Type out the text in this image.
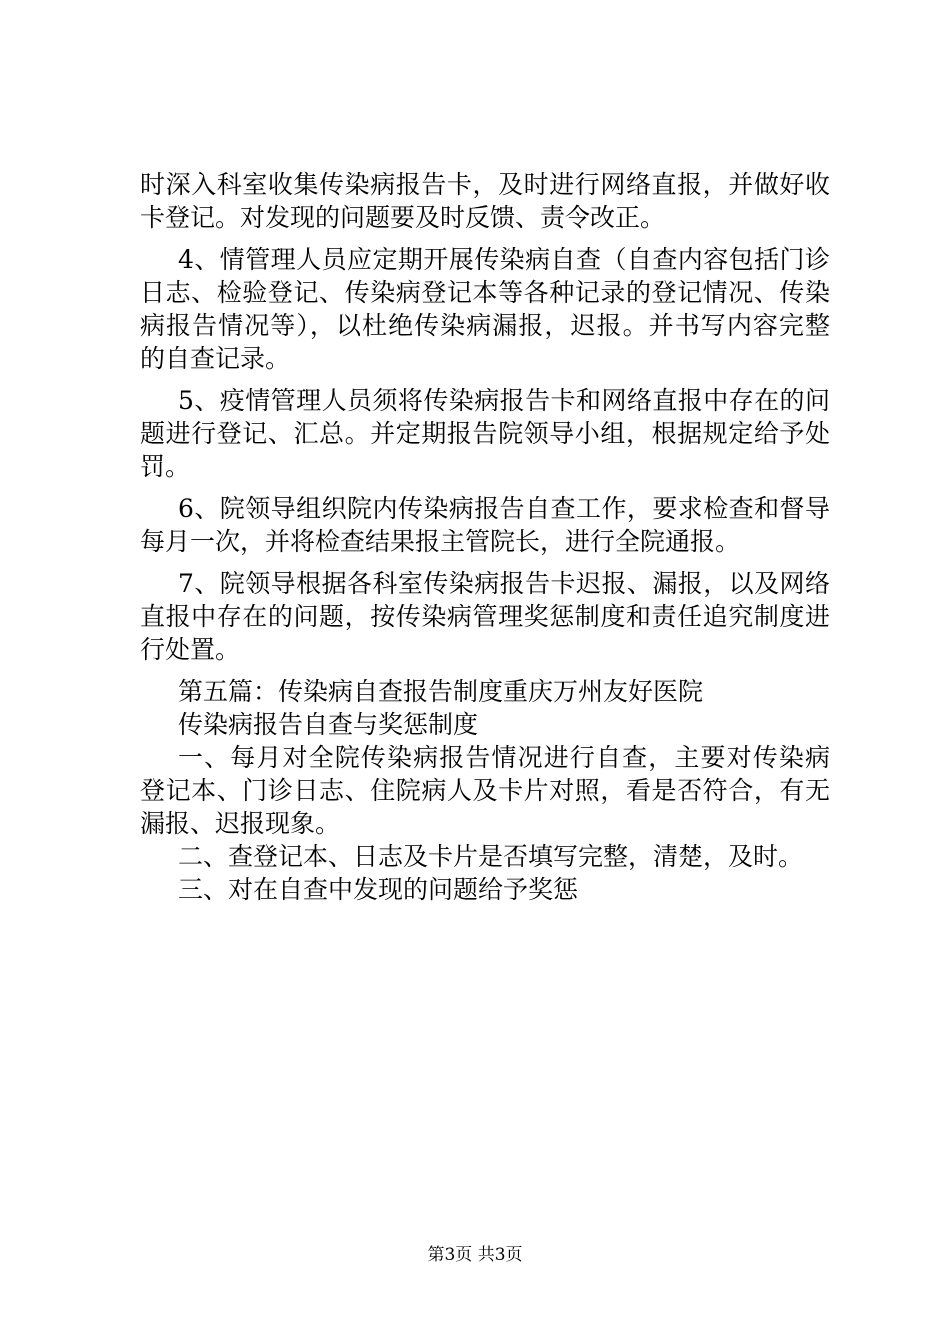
时深入科室收集传染病报告卡，及时进行网络直报，并做好收
卡登记。对发现的问题要及时反馈、责令改正。
4、情管理人员应定期开展传染病自查（自查内容包括门诊
日志、检验登记、传染病登记本等各种记录的登记情况、传染
病报告情况等），以杜绝传染病漏报，迟报。并书写内容完整
的自查记录。
5、疫情管理人员须将传染病报告卡和网络直报中存在的问
题进行登记、汇总。并定期报告院领导小组，根据规定给予处
罚。
6、院领导组织院内传染病报告自查工作，要求检查和督导
每月一次，并将检查结果报主管院长，进行全院通报。
7、院领导根据各科室传染病报告卡迟报、漏报，以及网络
直报中存在的问题，按传染病管理奖惩制度和责任追究制度进
行处置。
第五篇：传染病自查报告制度重庆万州友好医院
传染病报告自查与奖惩制度
一、每月对全院传染病报告情况进行自查，主要对传染病
登记本、门诊日志、住院病人及卡片对照，看是否符合，有无
漏报、迟报现象。
二、查登记本、日志及卡片是否填写完整，清楚，及时。
三、对在自查中发现的问题给予奖惩
第3页 共3页
